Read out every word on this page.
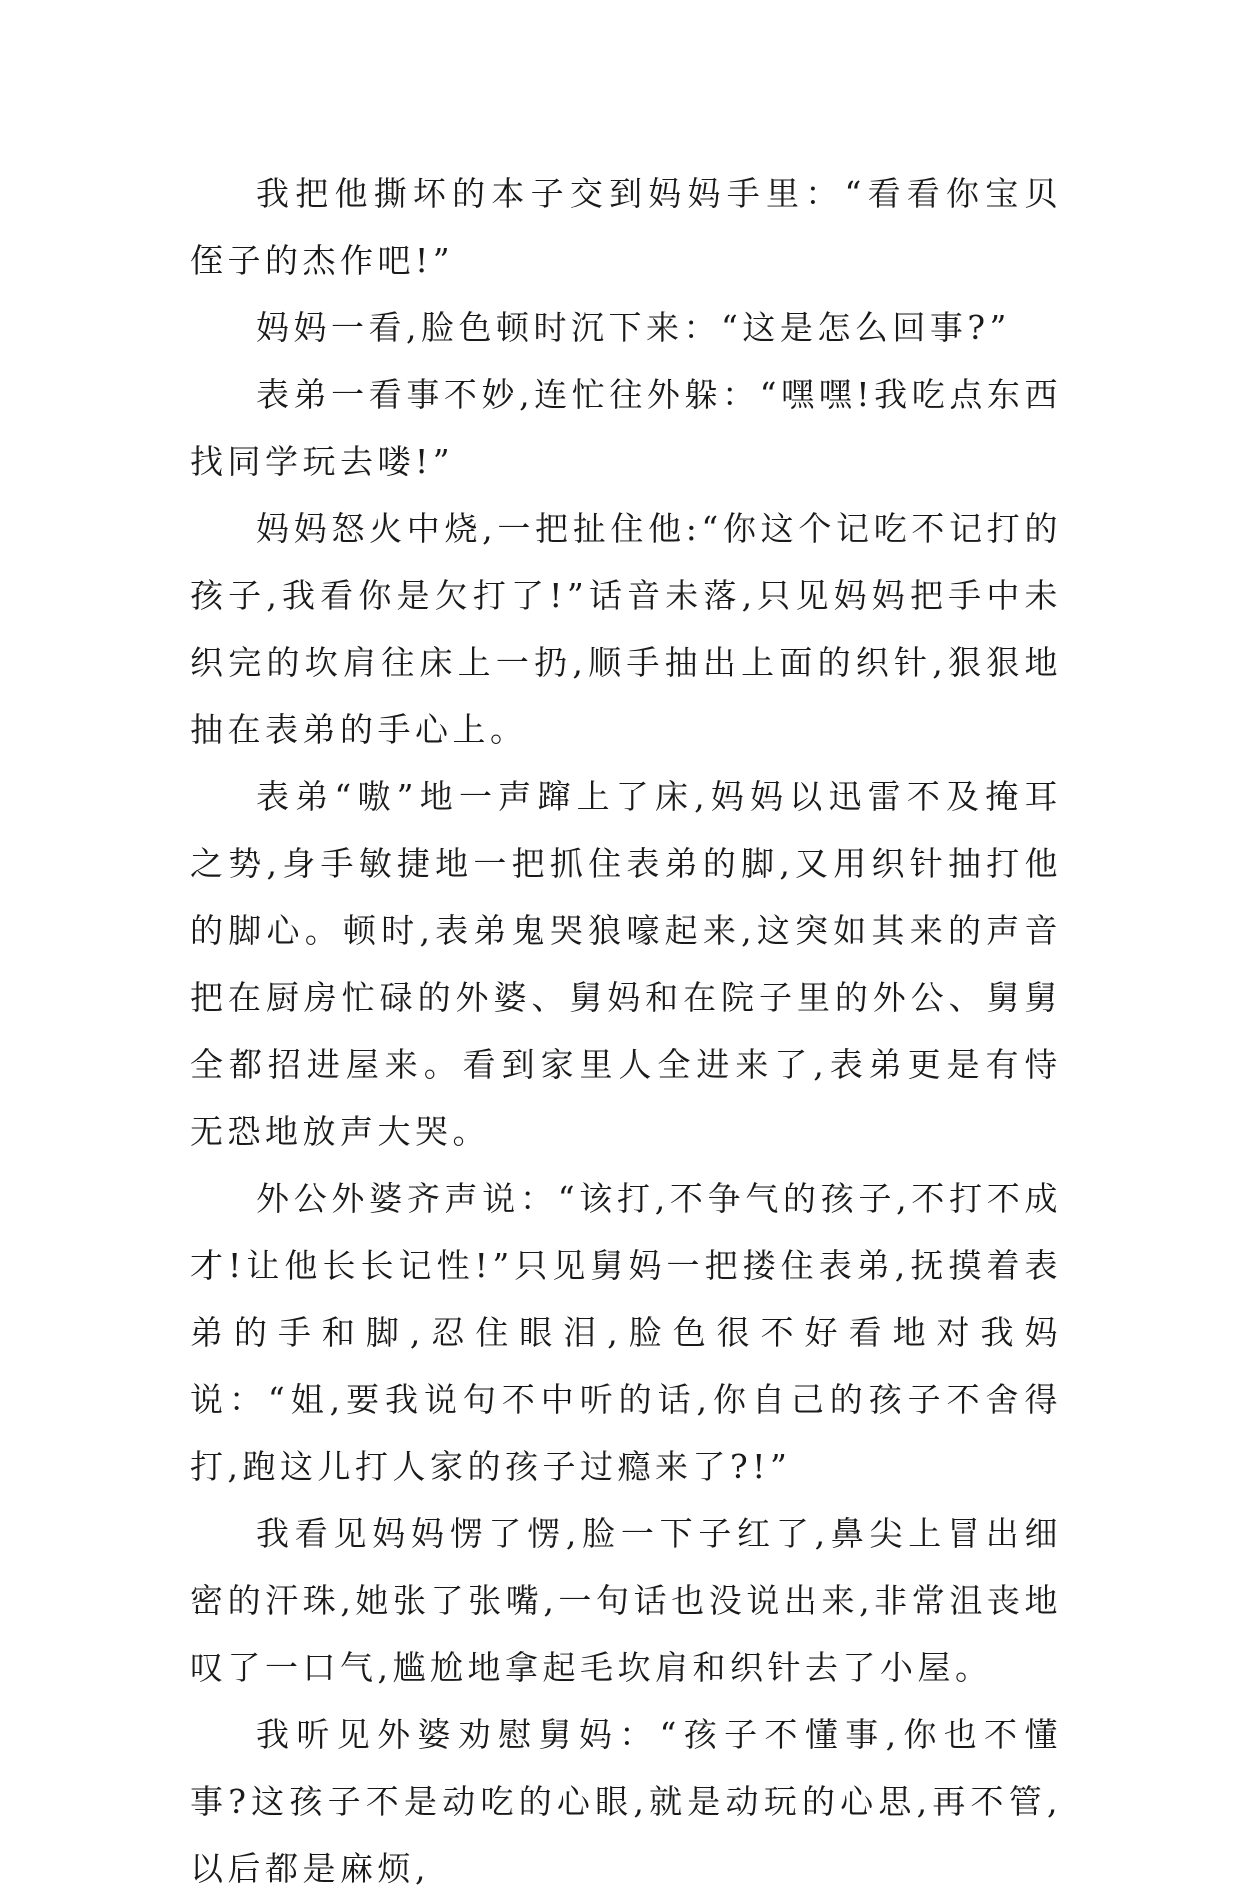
我把他撕坏的本子交到妈妈手里：“看看你宝贝侄子的杰作吧!”

妈妈一看,脸色顿时沉下来：“这是怎么回事?”

表弟一看事不妙,连忙往外躲：“嘿嘿!我吃点东西找同学玩去喽!”

妈妈怒火中烧,一把扯住他:“你这个记吃不记打的孩子,我看你是欠打了!”话音未落,只见妈妈把手中未织完的坎肩往床上一扔,顺手抽出上面的织针,狠狠地抽在表弟的手心上。

表弟“嗷”地一声蹿上了床,妈妈以迅雷不及掩耳之势,身手敏捷地一把抓住表弟的脚,又用织针抽打他的脚心。顿时,表弟鬼哭狼嚎起来,这突如其来的声音把在厨房忙碌的外婆、舅妈和在院子里的外公、舅舅全都招进屋来。看到家里人全进来了,表弟更是有恃无恐地放声大哭。

外公外婆齐声说：“该打,不争气的孩子,不打不成才!让他长长记性!”只见舅妈一把搂住表弟,抚摸着表弟的手和脚,忍住眼泪,脸色很不好看地对我妈说：“姐,要我说句不中听的话,你自己的孩子不舍得打,跑这儿打人家的孩子过瘾来了?!”

我看见妈妈愣了愣,脸一下子红了,鼻尖上冒出细密的汗珠,她张了张嘴,一句话也没说出来,非常沮丧地叹了一口气,尴尬地拿起毛坎肩和织针去了小屋。

我听见外婆劝慰舅妈：“孩子不懂事,你也不懂事?这孩子不是动吃的心眼,就是动玩的心思,再不管,以后都是麻烦,
